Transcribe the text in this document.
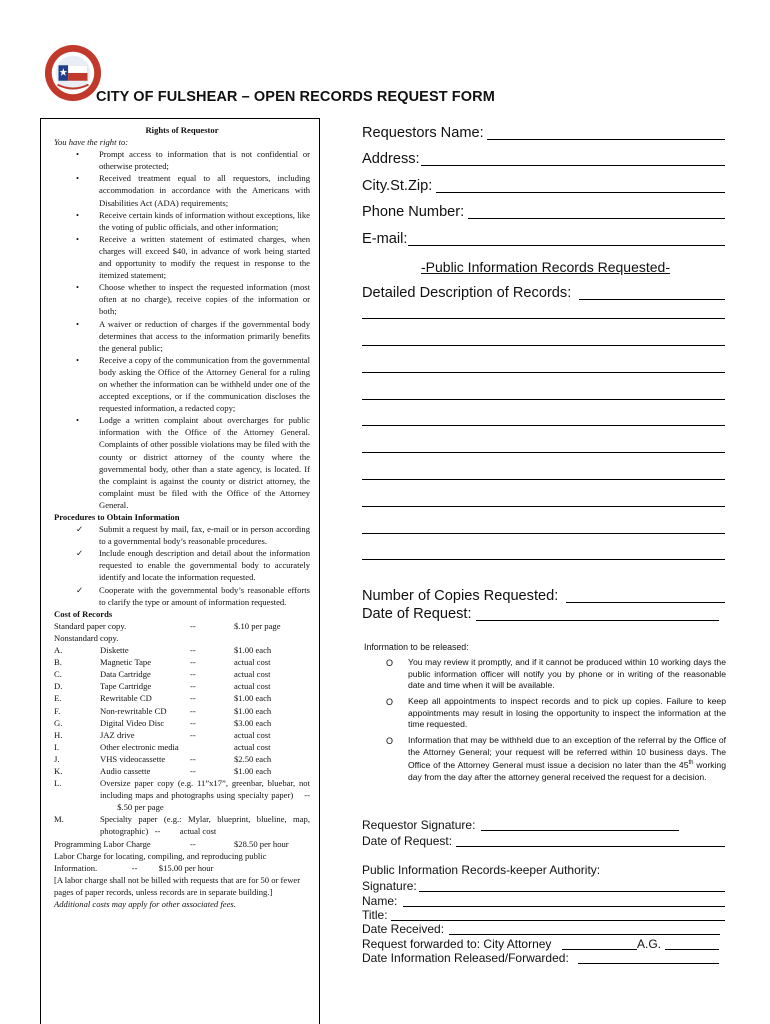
CITY OF FULSHEAR – OPEN RECORDS REQUEST FORM
Rights of Requestor
You have the right to:
• Prompt access to information that is not confidential or otherwise protected;
• Received treatment equal to all requestors, including accommodation in accordance with the Americans with Disabilities Act (ADA) requirements;
• Receive certain kinds of information without exceptions, like the voting of public officials, and other information;
• Receive a written statement of estimated charges, when charges will exceed $40, in advance of work being started and opportunity to modify the request in response to the itemized statement;
• Choose whether to inspect the requested information (most often at no charge), receive copies of the information or both;
• A waiver or reduction of charges if the governmental body determines that access to the information primarily benefits the general public;
• Receive a copy of the communication from the governmental body asking the Office of the Attorney General for a ruling on whether the information can be withheld under one of the accepted exceptions, or if the communication discloses the requested information, a redacted copy;
• Lodge a written complaint about overcharges for public information with the Office of the Attorney General. Complaints of other possible violations may be filed with the county or district attorney of the county where the governmental body, other than a state agency, is located. If the complaint is against the county or district attorney, the complaint must be filed with the Office of the Attorney General.
Procedures to Obtain Information
✓ Submit a request by mail, fax, e-mail or in person according to a governmental body’s reasonable procedures.
✓ Include enough description and detail about the information requested to enable the governmental body to accurately identify and locate the information requested.
✓ Cooperate with the governmental body’s reasonable efforts to clarify the type or amount of information requested.
Cost of Records
Standard paper copy.	--	$.10 per page
Nonstandard copy.
A.	Diskette	--	$1.00 each
B.	Magnetic Tape	--	actual cost
C.	Data Cartridge	--	actual cost
D.	Tape Cartridge	--	actual cost
E.	Rewritable CD	--	$1.00 each
F.	Non-rewritable CD	--	$1.00 each
G.	Digital Video Disc	--	$3.00 each
H.	JAZ drive	--	actual cost
I.	Other electronic media	actual cost
J.	VHS videocassette	--	$2.50 each
K.	Audio cassette	--	$1.00 each
L.	Oversize paper copy (e.g. 11”x17”, greenbar, bluebar, not including maps and photographs using specialty paper) --        $.50 per page
M.	Specialty paper (e.g.: Mylar, blueprint, blueline, map, photographic) -- actual cost
Programming Labor Charge	--	$28.50 per hour
Labor Charge for locating, compiling, and reproducing public Information.	-- $15.00 per hour
[A labor charge shall not be billed with requests that are for 50 or fewer pages of paper records, unless records are in separate building.]
Additional costs may apply for other associated fees.
Requestors Name:
Address:
City.St.Zip:
Phone Number:
E-mail:
-Public Information Records Requested-
Detailed Description of Records:
Number of Copies Requested:
Date of Request:
Information to be released:
O You may review it promptly, and if it cannot be produced within 10 working days the public information officer will notify you by phone or in writing of the reasonable date and time when it will be available.
O Keep all appointments to inspect records and to pick up copies. Failure to keep appointments may result in losing the opportunity to inspect the information at the time requested.
O Information that may be withheld due to an exception of the referral by the Office of the Attorney General; your request will be referred within 10 business days. The Office of the Attorney General must issue a decision no later than the 45th working day from the day after the attorney general received the request for a decision.
Requestor Signature:
Date of Request:
Public Information Records-keeper Authority:
Signature:
Name:
Title:
Date Received:
Request forwarded to: City Attorney	A.G.
Date Information Released/Forwarded:
